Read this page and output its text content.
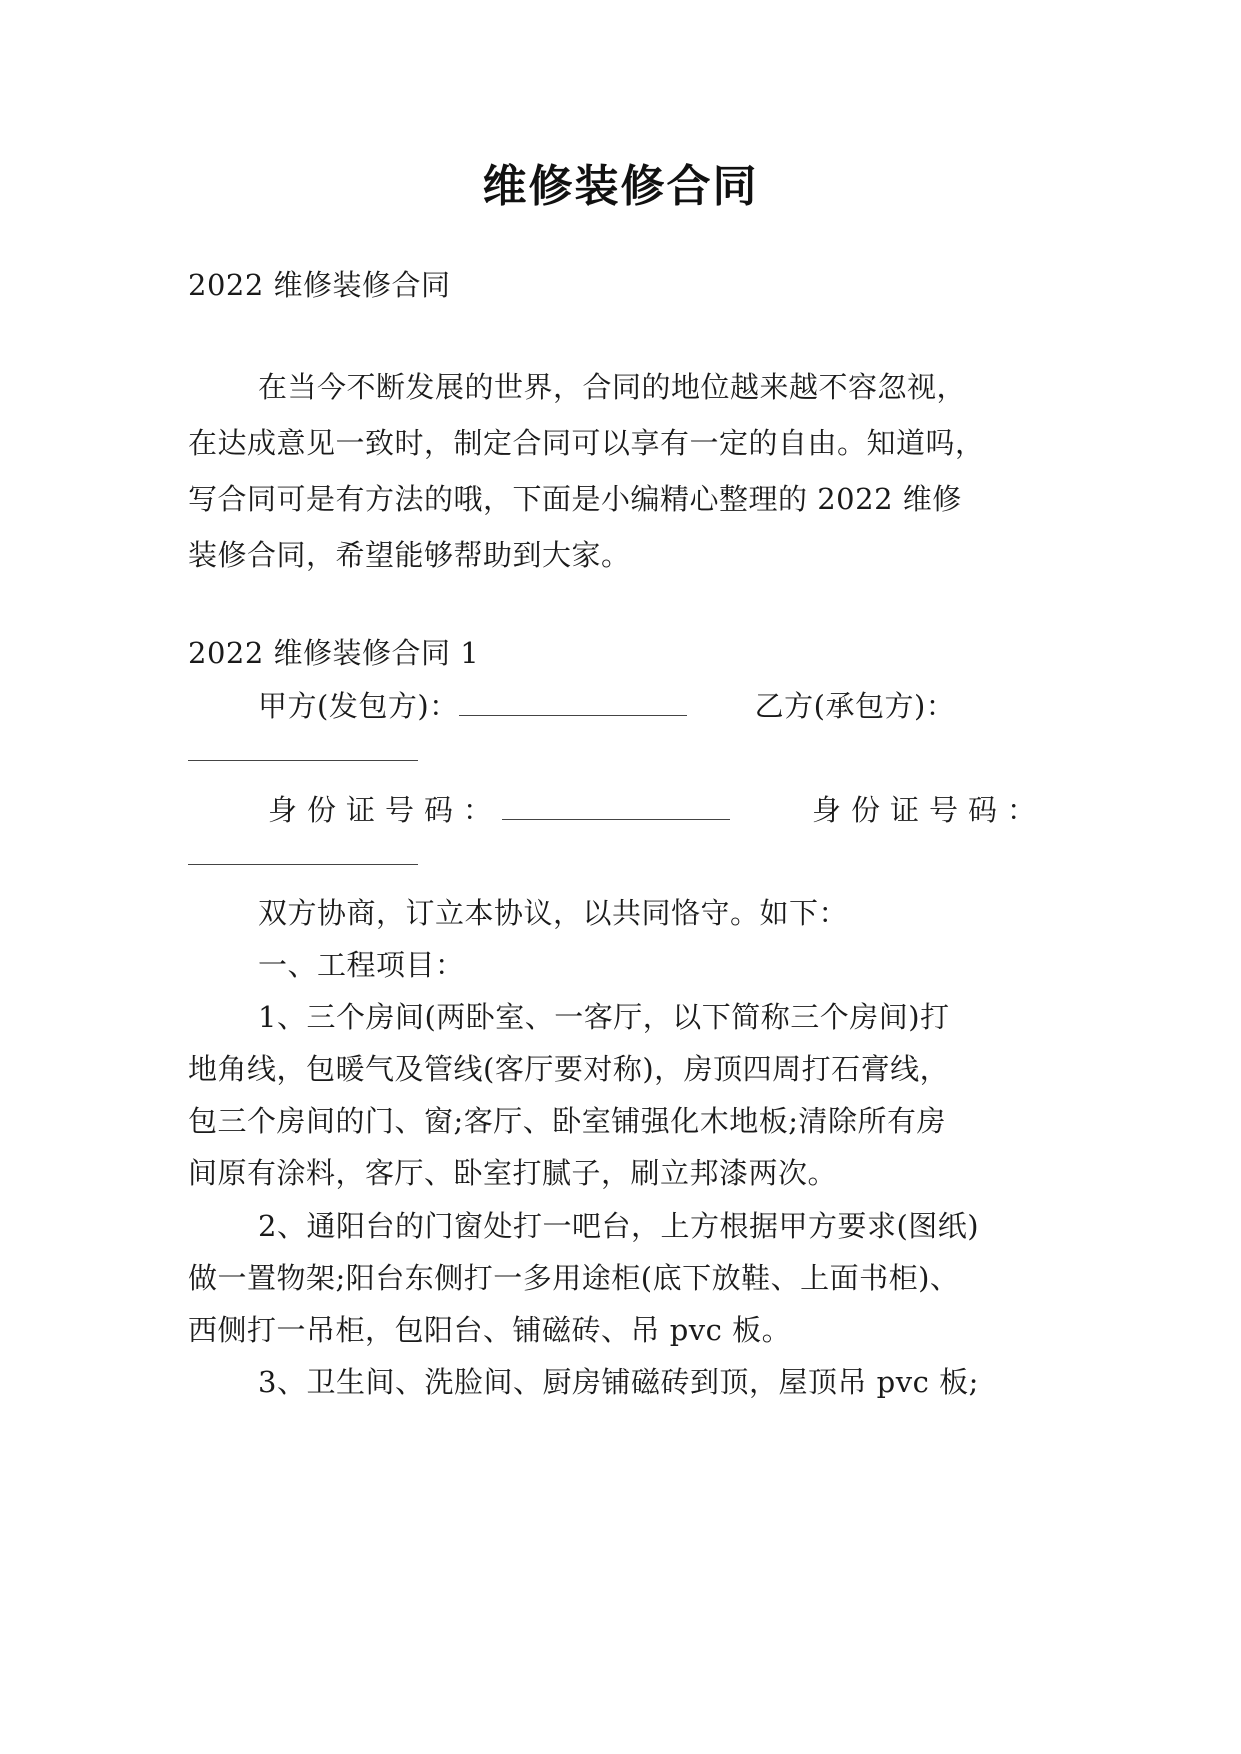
维修装修合同
2022 维修装修合同
在当今不断发展的世界，合同的地位越来越不容忽视，
在达成意见一致时，制定合同可以享有一定的自由。知道吗，
写合同可是有方法的哦，下面是小编精心整理的 2022 维修
装修合同，希望能够帮助到大家。
2022 维修装修合同 1
甲方(发包方)：	乙方(承包方)：
身份证号码：	身份证号码：
双方协商，订立本协议，以共同恪守。如下：
一、工程项目：
1、三个房间(两卧室、一客厅，以下简称三个房间)打
地角线，包暖气及管线(客厅要对称)，房顶四周打石膏线，
包三个房间的门、窗;客厅、卧室铺强化木地板;清除所有房
间原有涂料，客厅、卧室打腻子，刷立邦漆两次。
2、通阳台的门窗处打一吧台，上方根据甲方要求(图纸)
做一置物架;阳台东侧打一多用途柜(底下放鞋、上面书柜)、
西侧打一吊柜，包阳台、铺磁砖、吊 pvc 板。
3、卫生间、洗脸间、厨房铺磁砖到顶，屋顶吊 pvc 板;
